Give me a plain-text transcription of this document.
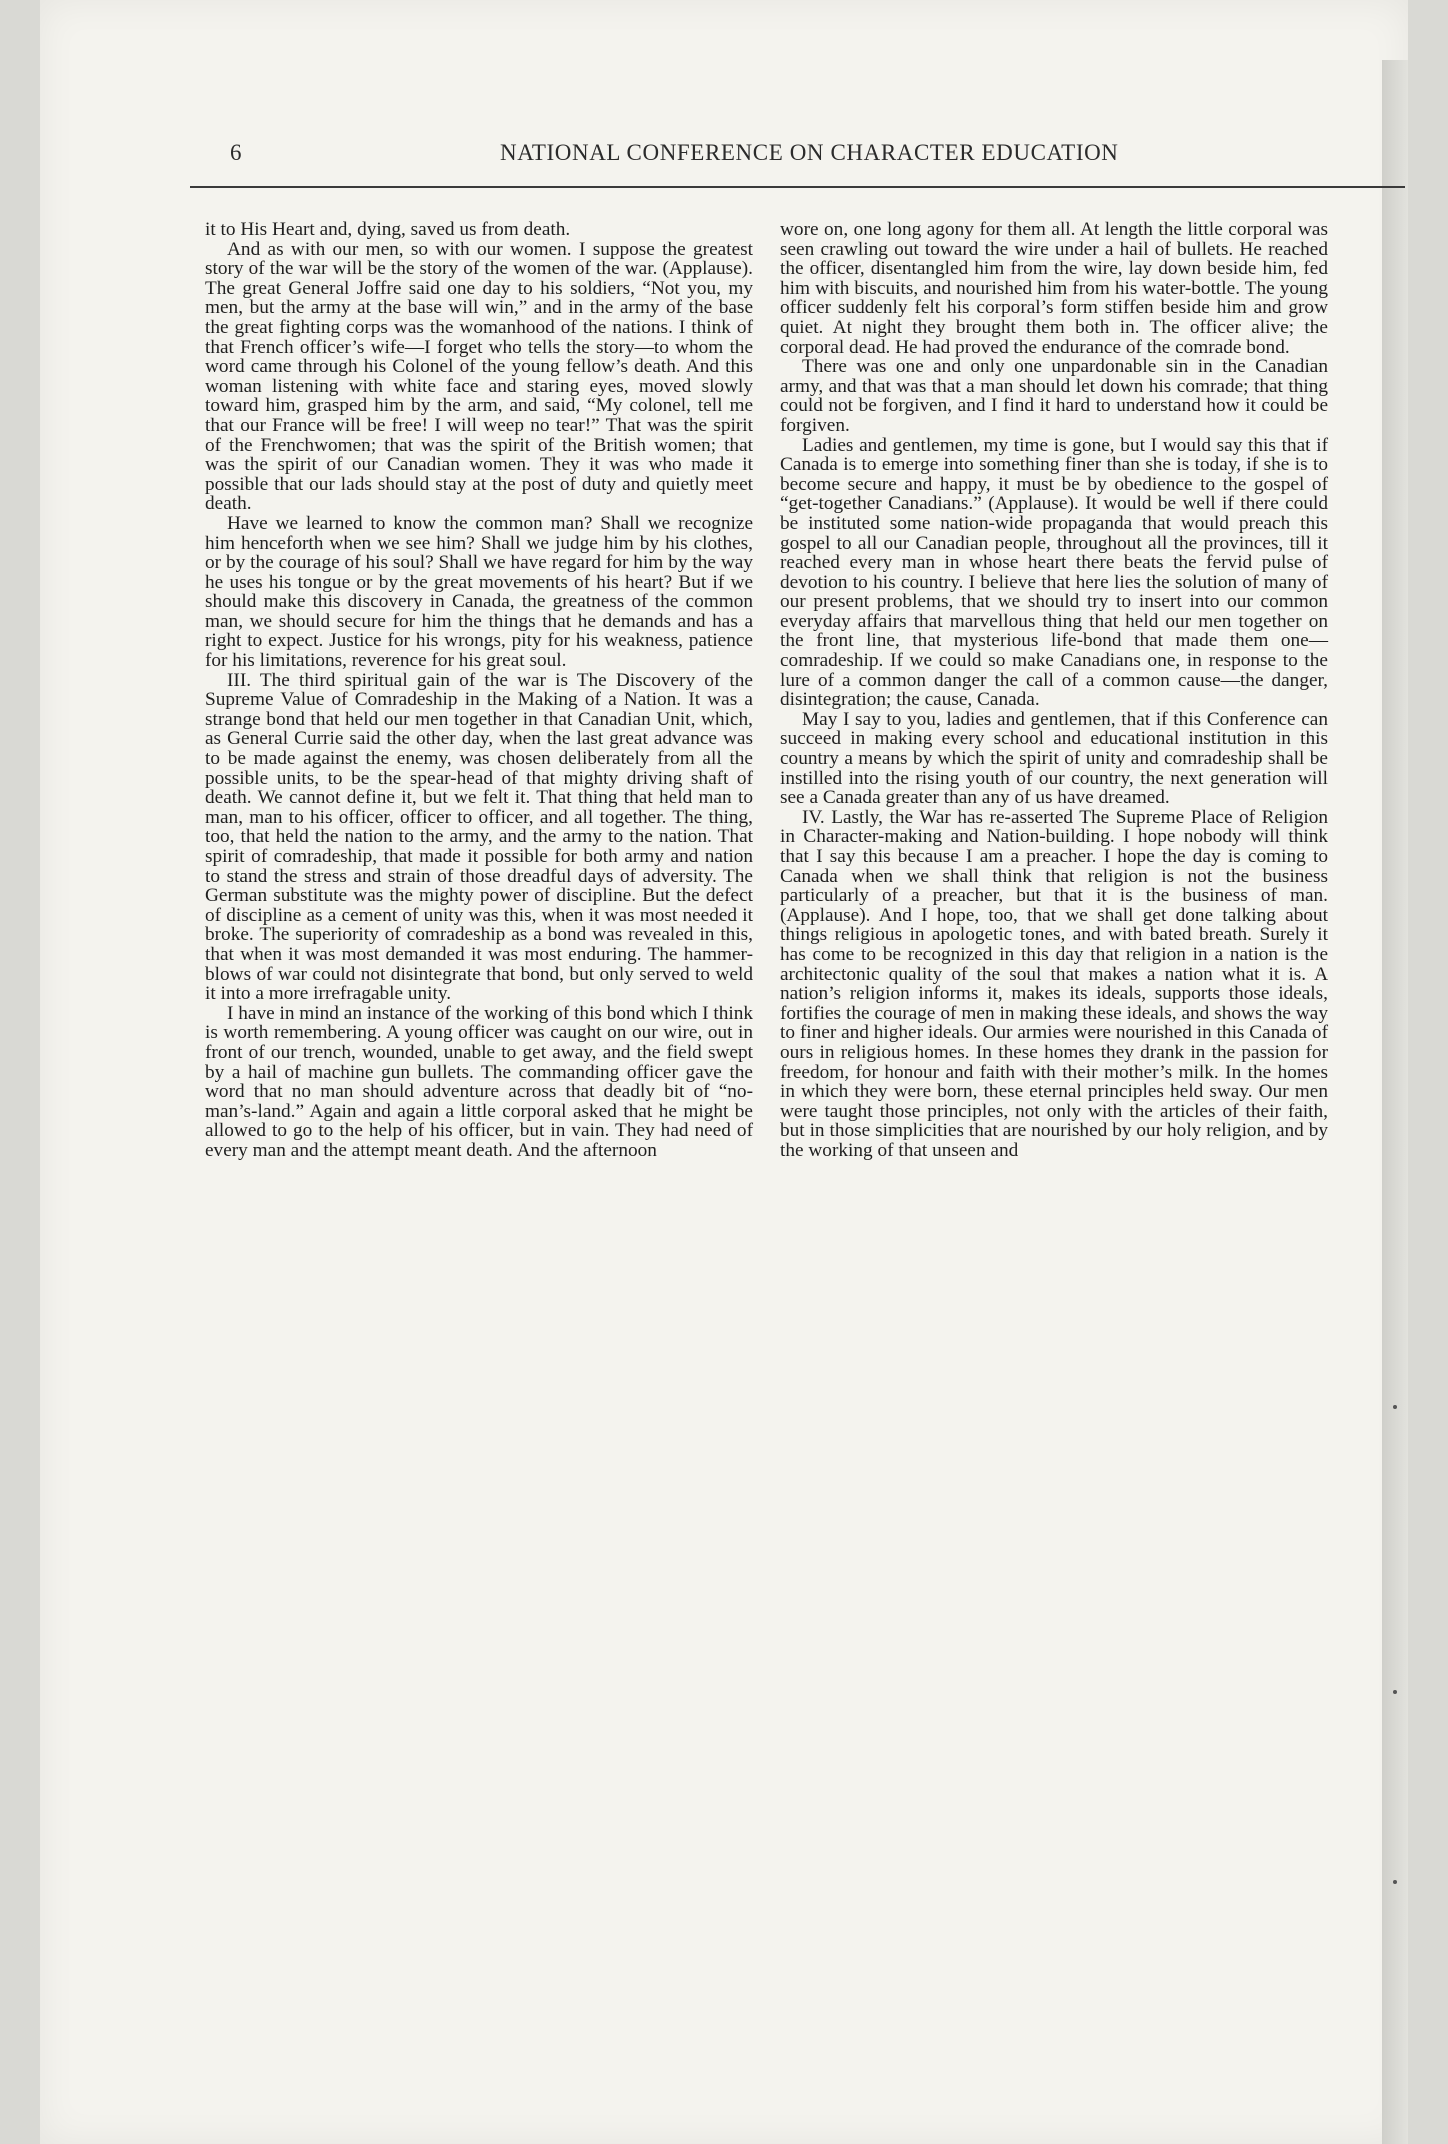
6	NATIONAL CONFERENCE ON CHARACTER EDUCATION

it to His Heart and, dying, saved us from death.

And as with our men, so with our women. I suppose the greatest story of the war will be the story of the women of the war. (Applause). The great General Joffre said one day to his soldiers, “Not you, my men, but the army at the base will win,” and in the army of the base the great fighting corps was the womanhood of the nations. I think of that French officer’s wife—I forget who tells the story—to whom the word came through his Colonel of the young fellow’s death. And this woman listening with white face and staring eyes, moved slowly toward him, grasped him by the arm, and said, “My colonel, tell me that our France will be free! I will weep no tear!” That was the spirit of the Frenchwomen; that was the spirit of the British women; that was the spirit of our Canadian women. They it was who made it possible that our lads should stay at the post of duty and quietly meet death.

Have we learned to know the common man? Shall we recognize him henceforth when we see him? Shall we judge him by his clothes, or by the courage of his soul? Shall we have regard for him by the way he uses his tongue or by the great movements of his heart? But if we should make this discovery in Canada, the greatness of the common man, we should secure for him the things that he demands and has a right to expect. Justice for his wrongs, pity for his weakness, patience for his limitations, reverence for his great soul.

III. The third spiritual gain of the war is The Discovery of the Supreme Value of Comradeship in the Making of a Nation. It was a strange bond that held our men together in that Canadian Unit, which, as General Currie said the other day, when the last great advance was to be made against the enemy, was chosen deliberately from all the possible units, to be the spear-head of that mighty driving shaft of death. We cannot define it, but we felt it. That thing that held man to man, man to his officer, officer to officer, and all together. The thing, too, that held the nation to the army, and the army to the nation. That spirit of comradeship, that made it possible for both army and nation to stand the stress and strain of those dreadful days of adversity. The German substitute was the mighty power of discipline. But the defect of discipline as a cement of unity was this, when it was most needed it broke. The superiority of comradeship as a bond was revealed in this, that when it was most demanded it was most enduring. The hammer-blows of war could not disintegrate that bond, but only served to weld it into a more irrefragable unity.

I have in mind an instance of the working of this bond which I think is worth remembering. A young officer was caught on our wire, out in front of our trench, wounded, unable to get away, and the field swept by a hail of machine gun bullets. The commanding officer gave the word that no man should adventure across that deadly bit of “no-man’s-land.” Again and again a little corporal asked that he might be allowed to go to the help of his officer, but in vain. They had need of every man and the attempt meant death. And the afternoon

wore on, one long agony for them all. At length the little corporal was seen crawling out toward the wire under a hail of bullets. He reached the officer, disentangled him from the wire, lay down beside him, fed him with biscuits, and nourished him from his water-bottle. The young officer suddenly felt his corporal’s form stiffen beside him and grow quiet. At night they brought them both in. The officer alive; the corporal dead. He had proved the endurance of the comrade bond.

There was one and only one unpardonable sin in the Canadian army, and that was that a man should let down his comrade; that thing could not be forgiven, and I find it hard to understand how it could be forgiven.

Ladies and gentlemen, my time is gone, but I would say this that if Canada is to emerge into something finer than she is today, if she is to become secure and happy, it must be by obedience to the gospel of “get-together Canadians.” (Applause). It would be well if there could be instituted some nation-wide propaganda that would preach this gospel to all our Canadian people, throughout all the provinces, till it reached every man in whose heart there beats the fervid pulse of devotion to his country. I believe that here lies the solution of many of our present problems, that we should try to insert into our common everyday affairs that marvellous thing that held our men together on the front line, that mysterious life-bond that made them one—comradeship. If we could so make Canadians one, in response to the lure of a common danger the call of a common cause—the danger, disintegration; the cause, Canada.

May I say to you, ladies and gentlemen, that if this Conference can succeed in making every school and educational institution in this country a means by which the spirit of unity and comradeship shall be instilled into the rising youth of our country, the next generation will see a Canada greater than any of us have dreamed.

IV. Lastly, the War has re-asserted The Supreme Place of Religion in Character-making and Nation-building. I hope nobody will think that I say this because I am a preacher. I hope the day is coming to Canada when we shall think that religion is not the business particularly of a preacher, but that it is the business of man. (Applause). And I hope, too, that we shall get done talking about things religious in apologetic tones, and with bated breath. Surely it has come to be recognized in this day that religion in a nation is the architectonic quality of the soul that makes a nation what it is. A nation’s religion informs it, makes its ideals, supports those ideals, fortifies the courage of men in making these ideals, and shows the way to finer and higher ideals. Our armies were nourished in this Canada of ours in religious homes. In these homes they drank in the passion for freedom, for honour and faith with their mother’s milk. In the homes in which they were born, these eternal principles held sway. Our men were taught those principles, not only with the articles of their faith, but in those simplicities that are nourished by our holy religion, and by the working of that unseen and
